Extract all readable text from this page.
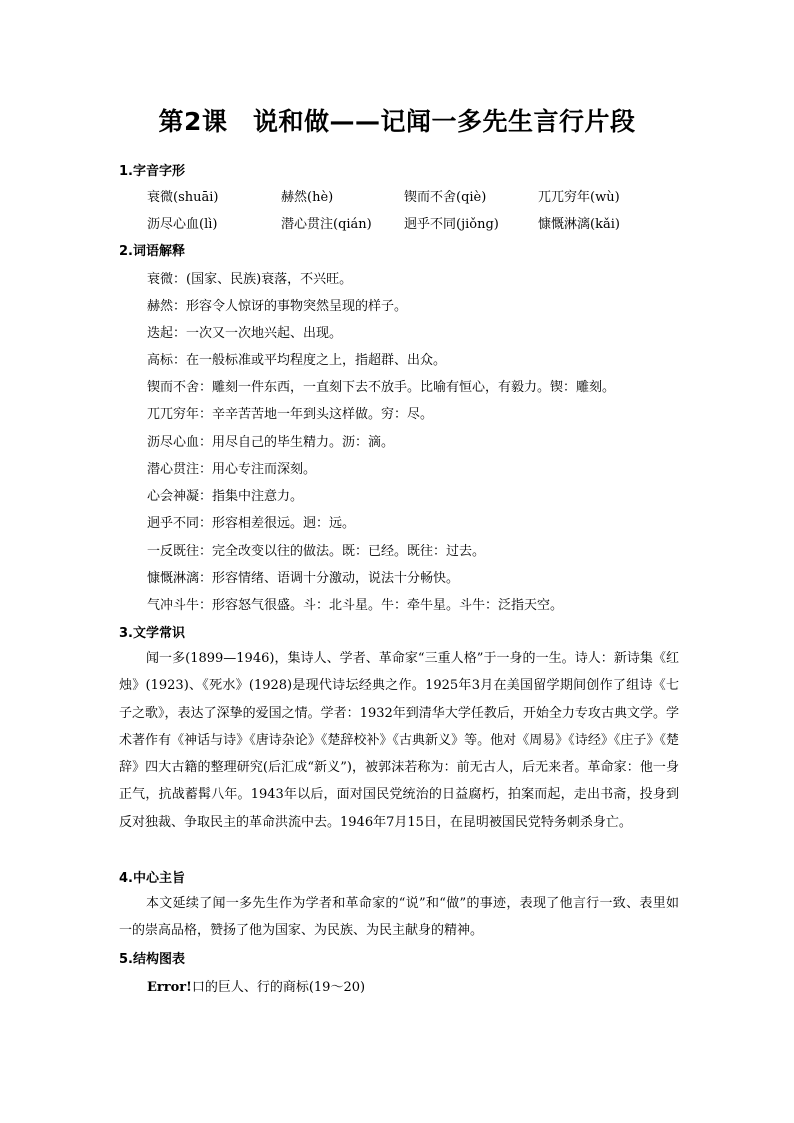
第2课　说和做——记闻一多先生言行片段
1.字音字形
衰微(shuāi)	赫然(hè)	锲而不舍(qiè)	兀兀穷年(wù)
沥尽心血(lì)	潜心贯注(qián) 迥乎不同(jiǒng)	慷慨淋漓(kǎi)
2.词语解释
衰微：(国家、民族)衰落，不兴旺。
赫然：形容令人惊讶的事物突然呈现的样子。
迭起：一次又一次地兴起、出现。
高标：在一般标准或平均程度之上，指超群、出众。
锲而不舍：雕刻一件东西，一直刻下去不放手。比喻有恒心，有毅力。锲：雕刻。
兀兀穷年：辛辛苦苦地一年到头这样做。穷：尽。
沥尽心血：用尽自己的毕生精力。沥：滴。
潜心贯注：用心专注而深刻。
心会神凝：指集中注意力。
迥乎不同：形容相差很远。迥：远。
一反既往：完全改变以往的做法。既：已经。既往：过去。
慷慨淋漓：形容情绪、语调十分激动，说法十分畅快。
气冲斗牛：形容怒气很盛。斗：北斗星。牛：牵牛星。斗牛：泛指天空。
3.文学常识

闻一多(1899—1946)，集诗人、学者、革命家“三重人格”于一身的一生。诗人：新诗集《红烛》(1923)、《死水》(1928)是现代诗坛经典之作。1925年3月在美国留学期间创作了组诗《七子之歌》，表达了深挚的爱国之情。学者：1932年到清华大学任教后，开始全力专攻古典文学。学术著作有《神话与诗》《唐诗杂论》《楚辞校补》《古典新义》等。他对《周易》《诗经》《庄子》《楚辞》四大古籍的整理研究(后汇成“新义”)，被郭沫若称为：前无古人，后无来者。革命家：他一身正气，抗战蓄髯八年。1943年以后，面对国民党统治的日益腐朽，拍案而起，走出书斋，投身到反对独裁、争取民主的革命洪流中去。1946年7月15日，在昆明被国民党特务刺杀身亡。

4.中心主旨

本文延续了闻一多先生作为学者和革命家的“说”和“做”的事迹，表现了他言行一致、表里如一的崇高品格，赞扬了他为国家、为民族、为民主献身的精神。

5.结构图表
Error!口的巨人、行的商标(19～20)
